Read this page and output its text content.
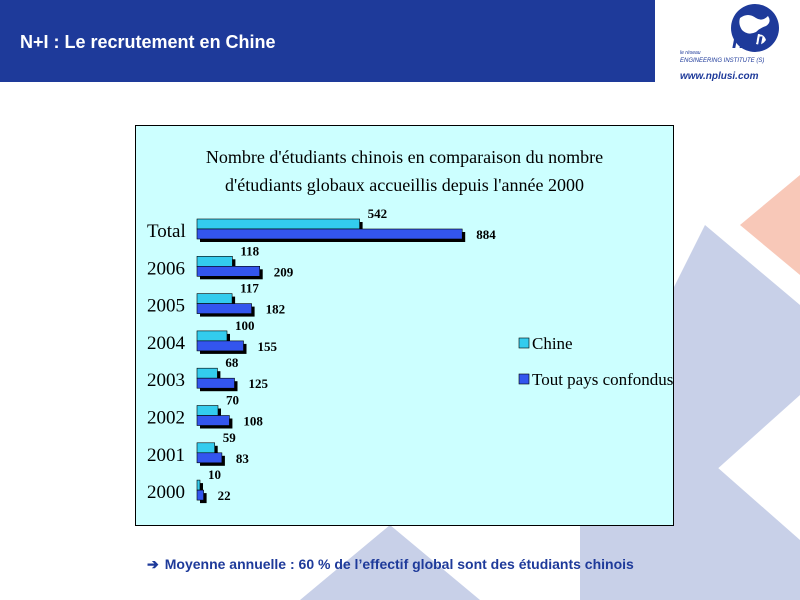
N+I : Le recrutement en Chine	n+i
le réseau
ENGINEERING INSTITUTE (S)
www.nplusi.com
Nombre d'étudiants chinois en comparaison du nombre
d'étudiants globaux accueillis depuis l'année 2000
Total
542
884
2006
118
209
2005
117
182
2004
100
155
2003
68
125
2002
70
108
2001
59
83
2000
10
22
Chine
Tout pays confondus
➔ Moyenne annuelle : 60 % de l’effectif global sont des étudiants chinois
